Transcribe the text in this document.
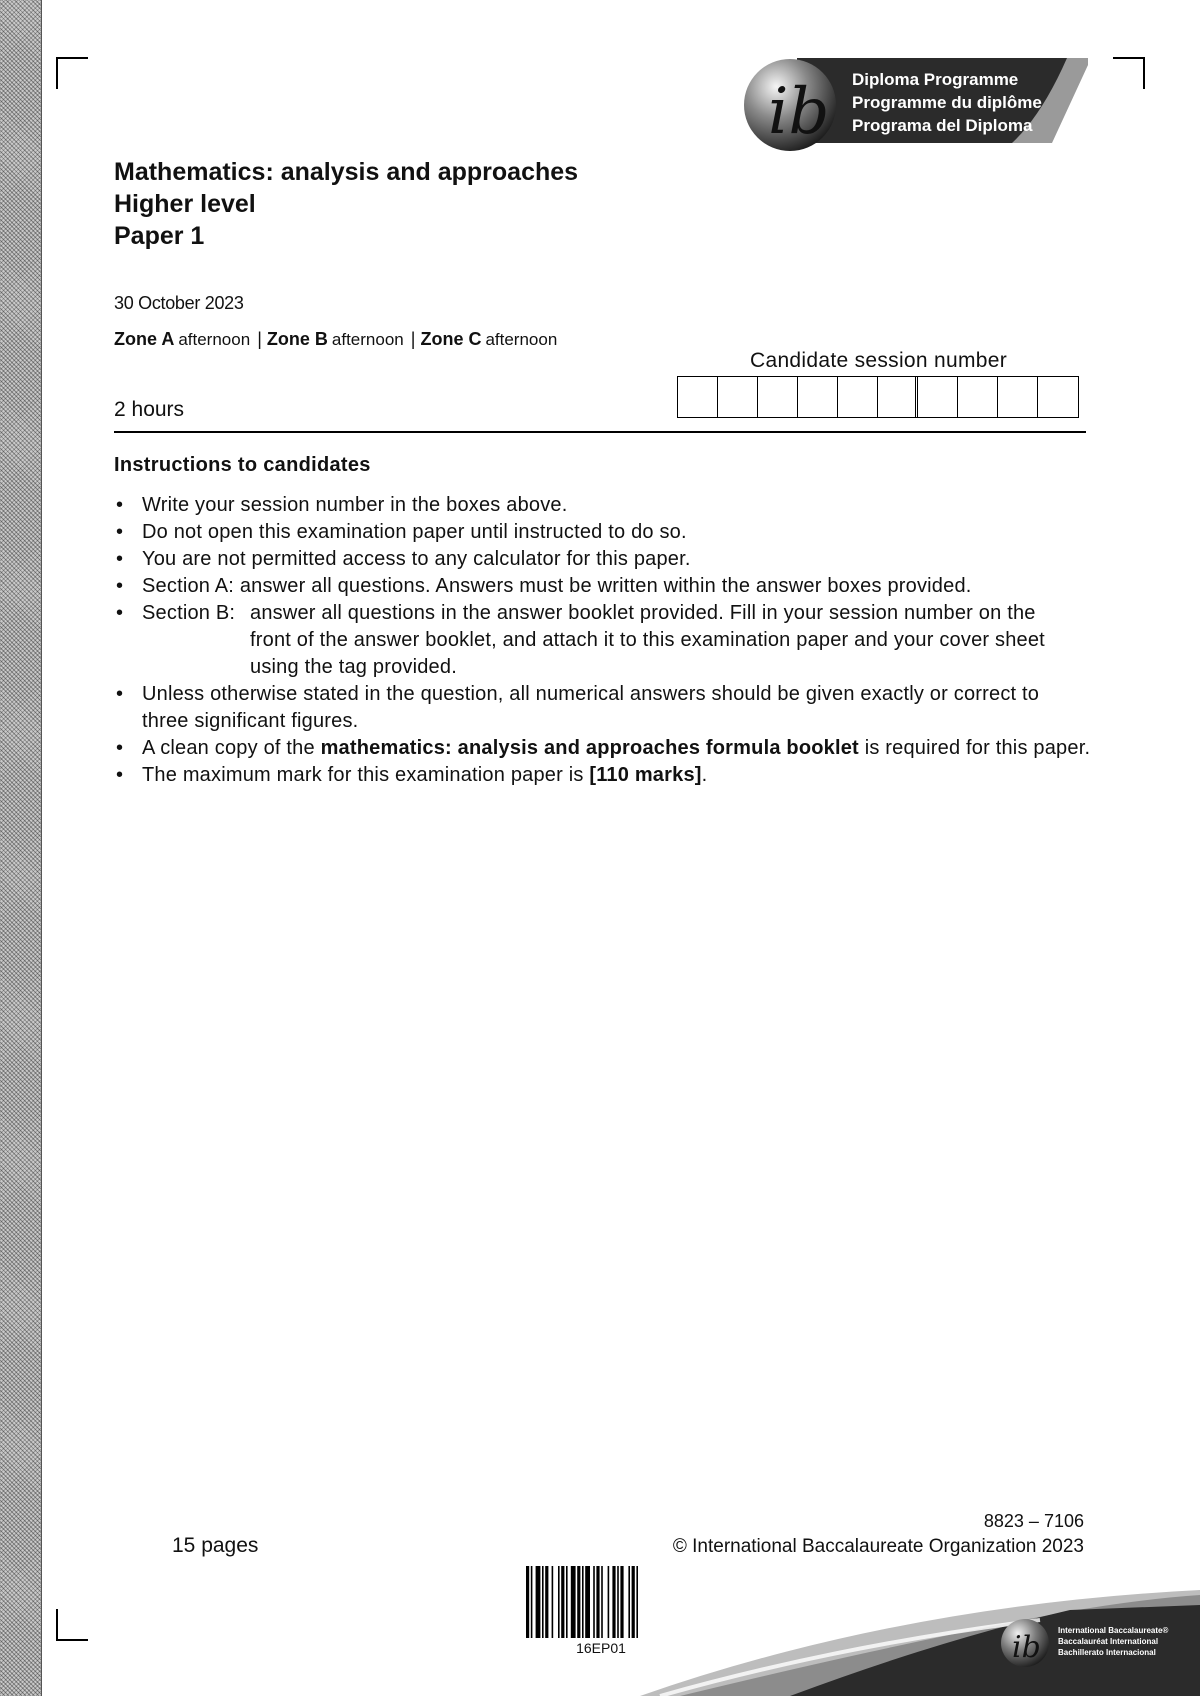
ib Diploma Programme
Programme du diplôme
Programa del Diploma
Mathematics: analysis and approaches
Higher level
Paper 1
30 October 2023
Zone A afternoon | Zone B afternoon | Zone C afternoon
Candidate session number
2 hours
Instructions to candidates
• Write your session number in the boxes above.
• Do not open this examination paper until instructed to do so.
• You are not permitted access to any calculator for this paper.
• Section A: answer all questions. Answers must be written within the answer boxes provided.
• Section B: answer all questions in the answer booklet provided. Fill in your session number on the front of the answer booklet, and attach it to this examination paper and your cover sheet using the tag provided.
• Unless otherwise stated in the question, all numerical answers should be given exactly or correct to three significant figures.
• A clean copy of the mathematics: analysis and approaches formula booklet is required for this paper.
• The maximum mark for this examination paper is [110 marks].
15 pages
8823 – 7106
© International Baccalaureate Organization 2023
16EP01	ib International Baccalaureate®
Baccalauréat International
Bachillerato Internacional
